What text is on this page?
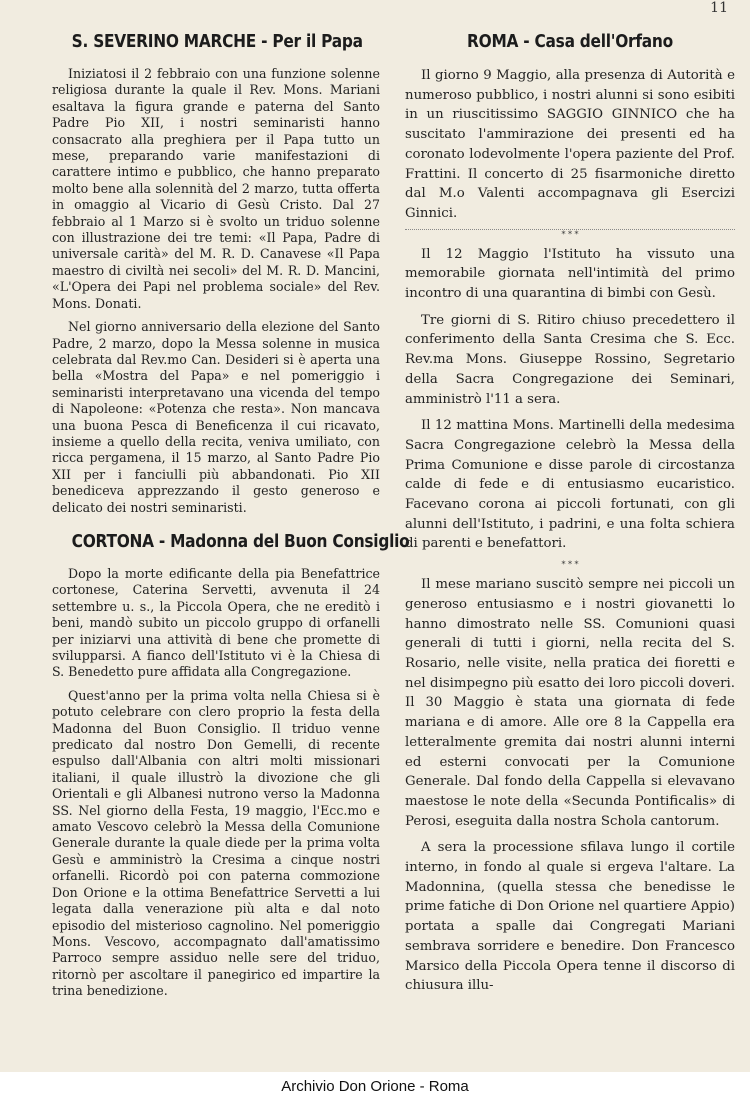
11
S. SEVERINO MARCHE - Per il Papa

Iniziatosi il 2 febbraio con una funzione solenne religiosa durante la quale il Rev. Mons. Mariani esaltava la figura grande e paterna del Santo Padre Pio XII, i nostri seminaristi hanno consacrato alla preghiera per il Papa tutto un mese, preparando varie manifestazioni di carattere intimo e pubblico, che hanno preparato molto bene alla solennità del 2 marzo, tutta offerta in omaggio al Vicario di Gesù Cristo. Dal 27 febbraio al 1 Marzo si è svolto un triduo solenne con illustrazione dei tre temi: «Il Papa, Padre di universale carità» del M. R. D. Canavese «Il Papa maestro di civiltà nei secoli» del M. R. D. Mancini, «L'Opera dei Papi nel problema sociale» del Rev. Mons. Donati.

Nel giorno anniversario della elezione del Santo Padre, 2 marzo, dopo la Messa solenne in musica celebrata dal Rev.mo Can. Desideri si è aperta una bella «Mostra del Papa» e nel pomeriggio i seminaristi interpretavano una vicenda del tempo di Napoleone: «Potenza che resta». Non mancava una buona Pesca di Beneficenza il cui ricavato, insieme a quello della recita, veniva umiliato, con ricca pergamena, il 15 marzo, al Santo Padre Pio XII per i fanciulli più abbandonati. Pio XII benediceva apprezzando il gesto generoso e delicato dei nostri seminaristi.

CORTONA - Madonna del Buon Consiglio

Dopo la morte edificante della pia Benefattrice cortonese, Caterina Servetti, avvenuta il 24 settembre u. s., la Piccola Opera, che ne ereditò i beni, mandò subito un piccolo gruppo di orfanelli per iniziarvi una attività di bene che promette di svilupparsi. A fianco dell'Istituto vi è la Chiesa di S. Benedetto pure affidata alla Congregazione.

Quest'anno per la prima volta nella Chiesa si è potuto celebrare con clero proprio la festa della Madonna del Buon Consiglio. Il triduo venne predicato dal nostro Don Gemelli, di recente espulso dall'Albania con altri molti missionari italiani, il quale illustrò la divozione che gli Orientali e gli Albanesi nutrono verso la Madonna SS. Nel giorno della Festa, 19 maggio, l'Ecc.mo e amato Vescovo celebrò la Messa della Comunione Generale durante la quale diede per la prima volta Gesù e amministrò la Cresima a cinque nostri orfanelli. Ricordò poi con paterna commozione Don Orione e la ottima Benefattrice Servetti a lui legata dalla venerazione più alta e dal noto episodio del misterioso cagnolino. Nel pomeriggio Mons. Vescovo, accompagnato dall'amatissimo Parroco sempre assiduo nelle sere del triduo, ritornò per ascoltare il panegirico ed impartire la trina benedizione.

ROMA - Casa dell'Orfano

Il giorno 9 Maggio, alla presenza di Autorità e numeroso pubblico, i nostri alunni si sono esibiti in un riuscitissimo SAGGIO GINNICO che ha suscitato l'ammirazione dei presenti ed ha coronato lodevolmente l'opera paziente del Prof. Frattini. Il concerto di 25 fisarmoniche diretto dal M.o Valenti accompagnava gli Esercizi Ginnici.

* * *

Il 12 Maggio l'Istituto ha vissuto una memorabile giornata nell'intimità del primo incontro di una quarantina di bimbi con Gesù.

Tre giorni di S. Ritiro chiuso precedettero il conferimento della Santa Cresima che S. Ecc. Rev.ma Mons. Giuseppe Rossino, Segretario della Sacra Congregazione dei Seminari, amministrò l'11 a sera.

Il 12 mattina Mons. Martinelli della medesima Sacra Congregazione celebrò la Messa della Prima Comunione e disse parole di circostanza calde di fede e di entusiasmo eucaristico. Facevano corona ai piccoli fortunati, con gli alunni dell'Istituto, i padrini, e una folta schiera di parenti e benefattori.

* * *

Il mese mariano suscitò sempre nei piccoli un generoso entusiasmo e i nostri giovanetti lo hanno dimostrato nelle SS. Comunioni quasi generali di tutti i giorni, nella recita del S. Rosario, nelle visite, nella pratica dei fioretti e nel disimpegno più esatto dei loro piccoli doveri. Il 30 Maggio è stata una giornata di fede mariana e di amore. Alle ore 8 la Cappella era letteralmente gremita dai nostri alunni interni ed esterni convocati per la Comunione Generale. Dal fondo della Cappella si elevavano maestose le note della «Secunda Pontificalis» di Perosi, eseguita dalla nostra Schola cantorum.

A sera la processione sfilava lungo il cortile interno, in fondo al quale si ergeva l'altare. La Madonnina, (quella stessa che benedisse le prime fatiche di Don Orione nel quartiere Appio) portata a spalle dai Congregati Mariani sembrava sorridere e benedire. Don Francesco Marsico della Piccola Opera tenne il discorso di chiusura illu-

Archivio Don Orione - Roma
